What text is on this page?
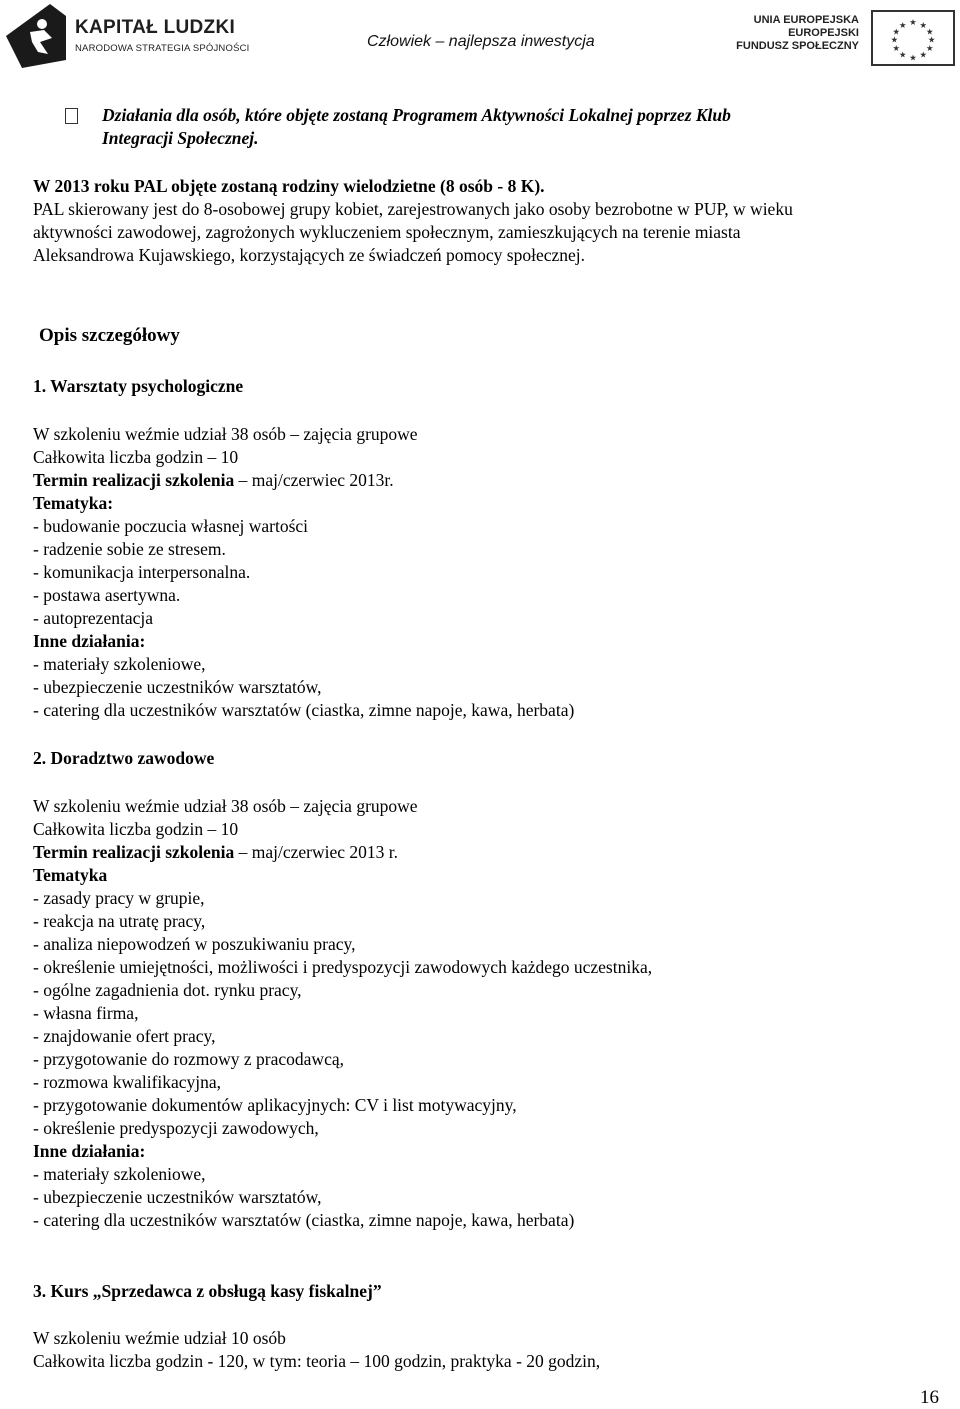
KAPITAŁ LUDZKI
NARODOWA STRATEGIA SPÓJNOŚCI	Człowiek – najlepsza inwestycja
UNIA EUROPEJSKA
EUROPEJSKI
FUNDUSZ SPOŁECZNY
★ ★
★
★
★
★
★
★
★
★
★
★
Działania dla osób, które objęte zostaną Programem Aktywności Lokalnej poprzez Klub
Integracji Społecznej.
W 2013 roku PAL objęte zostaną rodziny wielodzietne (8 osób - 8 K).
PAL skierowany jest do 8-osobowej grupy kobiet, zarejestrowanych jako osoby bezrobotne w PUP, w wieku
aktywności zawodowej, zagrożonych wykluczeniem społecznym, zamieszkujących na terenie miasta
Aleksandrowa Kujawskiego, korzystających ze świadczeń pomocy społecznej.
Opis szczegółowy
1. Warsztaty psychologiczne
W szkoleniu weźmie udział 38 osób – zajęcia grupowe
Całkowita liczba godzin – 10
Termin realizacji szkolenia – maj/czerwiec 2013r.
Tematyka:
- budowanie poczucia własnej wartości
- radzenie sobie ze stresem.
- komunikacja interpersonalna.
- postawa asertywna.
- autoprezentacja
Inne działania:
- materiały szkoleniowe,
- ubezpieczenie uczestników warsztatów,
- catering dla uczestników warsztatów (ciastka, zimne napoje, kawa, herbata)
2. Doradztwo zawodowe
W szkoleniu weźmie udział 38 osób – zajęcia grupowe
Całkowita liczba godzin – 10
Termin realizacji szkolenia – maj/czerwiec 2013 r.
Tematyka
- zasady pracy w grupie,
- reakcja na utratę pracy,
- analiza niepowodzeń w poszukiwaniu pracy,
- określenie umiejętności, możliwości i predyspozycji zawodowych każdego uczestnika,
- ogólne zagadnienia dot. rynku pracy,
- własna firma,
- znajdowanie ofert pracy,
- przygotowanie do rozmowy z pracodawcą,
- rozmowa kwalifikacyjna,
- przygotowanie dokumentów aplikacyjnych: CV i list motywacyjny,
- określenie predyspozycji zawodowych,
Inne działania:
- materiały szkoleniowe,
- ubezpieczenie uczestników warsztatów,
- catering dla uczestników warsztatów (ciastka, zimne napoje, kawa, herbata)
3. Kurs „Sprzedawca z obsługą kasy fiskalnej”
W szkoleniu weźmie udział 10 osób
Całkowita liczba godzin - 120, w tym: teoria – 100 godzin, praktyka - 20 godzin,
16
